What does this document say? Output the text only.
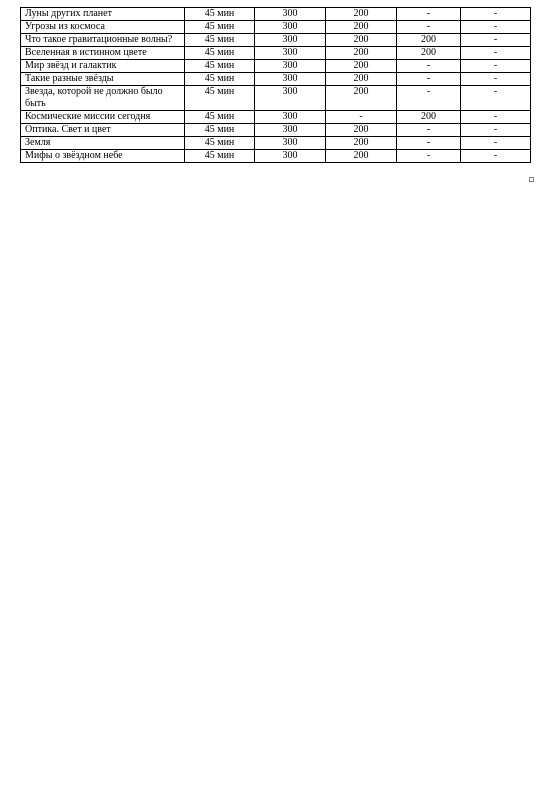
Луны других планет	45 мин	300	200	-	-
Угрозы из космоса	45 мин	300	200	-	-
Что такое гравитационные волны?	45 мин	300	200	200	-
Вселенная в истинном цвете	45 мин	300	200	200	-
Мир звёзд и галактик	45 мин	300	200	-	-
Такие разные звёзды	45 мин	300	200	-	-
Звезда, которой не должно было быть	45 мин	300	200	-	-
Космические миссии сегодня	45 мин	300	-	200	-
Оптика. Свет и цвет	45 мин	300	200	-	-
Земля	45 мин	300	200	-	-
Мифы о звёздном небе	45 мин	300	200	-	-
